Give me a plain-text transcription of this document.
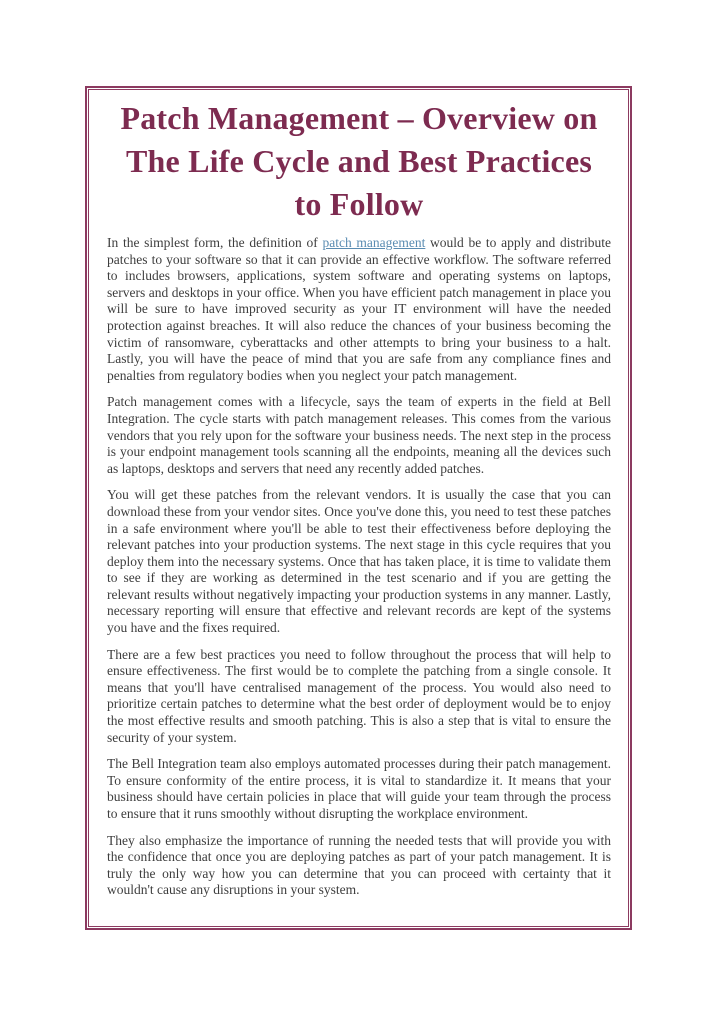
Patch Management – Overview on The Life Cycle and Best Practices to Follow

In the simplest form, the definition of patch management would be to apply and distribute patches to your software so that it can provide an effective workflow. The software referred to includes browsers, applications, system software and operating systems on laptops, servers and desktops in your office. When you have efficient patch management in place you will be sure to have improved security as your IT environment will have the needed protection against breaches. It will also reduce the chances of your business becoming the victim of ransomware, cyberattacks and other attempts to bring your business to a halt. Lastly, you will have the peace of mind that you are safe from any compliance fines and penalties from regulatory bodies when you neglect your patch management.

Patch management comes with a lifecycle, says the team of experts in the field at Bell Integration. The cycle starts with patch management releases. This comes from the various vendors that you rely upon for the software your business needs. The next step in the process is your endpoint management tools scanning all the endpoints, meaning all the devices such as laptops, desktops and servers that need any recently added patches.

You will get these patches from the relevant vendors. It is usually the case that you can download these from your vendor sites. Once you've done this, you need to test these patches in a safe environment where you'll be able to test their effectiveness before deploying the relevant patches into your production systems. The next stage in this cycle requires that you deploy them into the necessary systems. Once that has taken place, it is time to validate them to see if they are working as determined in the test scenario and if you are getting the relevant results without negatively impacting your production systems in any manner. Lastly, necessary reporting will ensure that effective and relevant records are kept of the systems you have and the fixes required.

There are a few best practices you need to follow throughout the process that will help to ensure effectiveness. The first would be to complete the patching from a single console. It means that you'll have centralised management of the process. You would also need to prioritize certain patches to determine what the best order of deployment would be to enjoy the most effective results and smooth patching. This is also a step that is vital to ensure the security of your system.

The Bell Integration team also employs automated processes during their patch management. To ensure conformity of the entire process, it is vital to standardize it. It means that your business should have certain policies in place that will guide your team through the process to ensure that it runs smoothly without disrupting the workplace environment.

They also emphasize the importance of running the needed tests that will provide you with the confidence that once you are deploying patches as part of your patch management. It is truly the only way how you can determine that you can proceed with certainty that it wouldn't cause any disruptions in your system.
